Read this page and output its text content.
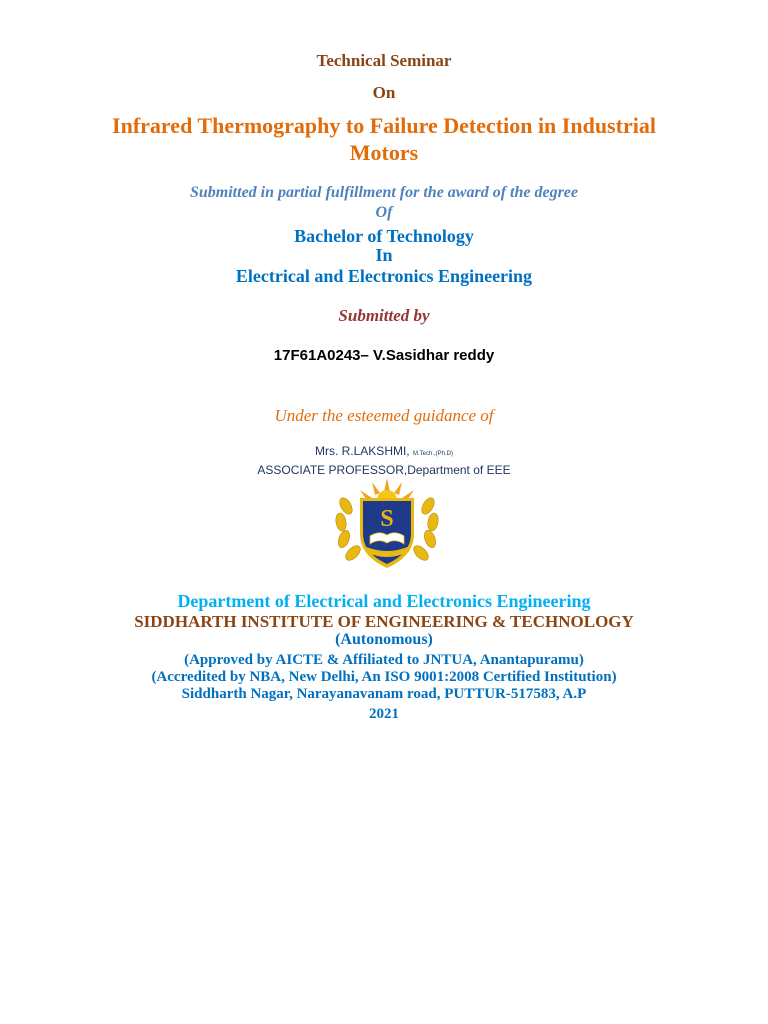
Technical Seminar
On
Infrared Thermography to Failure Detection in Industrial
Motors
Submitted in partial fulfillment for the award of the degree
Of
Bachelor of Technology
In
Electrical and Electronics Engineering
Submitted by
17F61A0243– V.Sasidhar reddy
Under the esteemed guidance of
Mrs. R.LAKSHMI, M.Tech.,(Ph.D)
ASSOCIATE PROFESSOR,Department of EEE
S
Department of Electrical and Electronics Engineering
SIDDHARTH INSTITUTE OF ENGINEERING & TECHNOLOGY
(Autonomous)
(Approved by AICTE & Affiliated to JNTUA, Anantapuramu)
(Accredited by NBA, New Delhi, An ISO 9001:2008 Certified Institution)
Siddharth Nagar, Narayanavanam road, PUTTUR-517583, A.P
2021
